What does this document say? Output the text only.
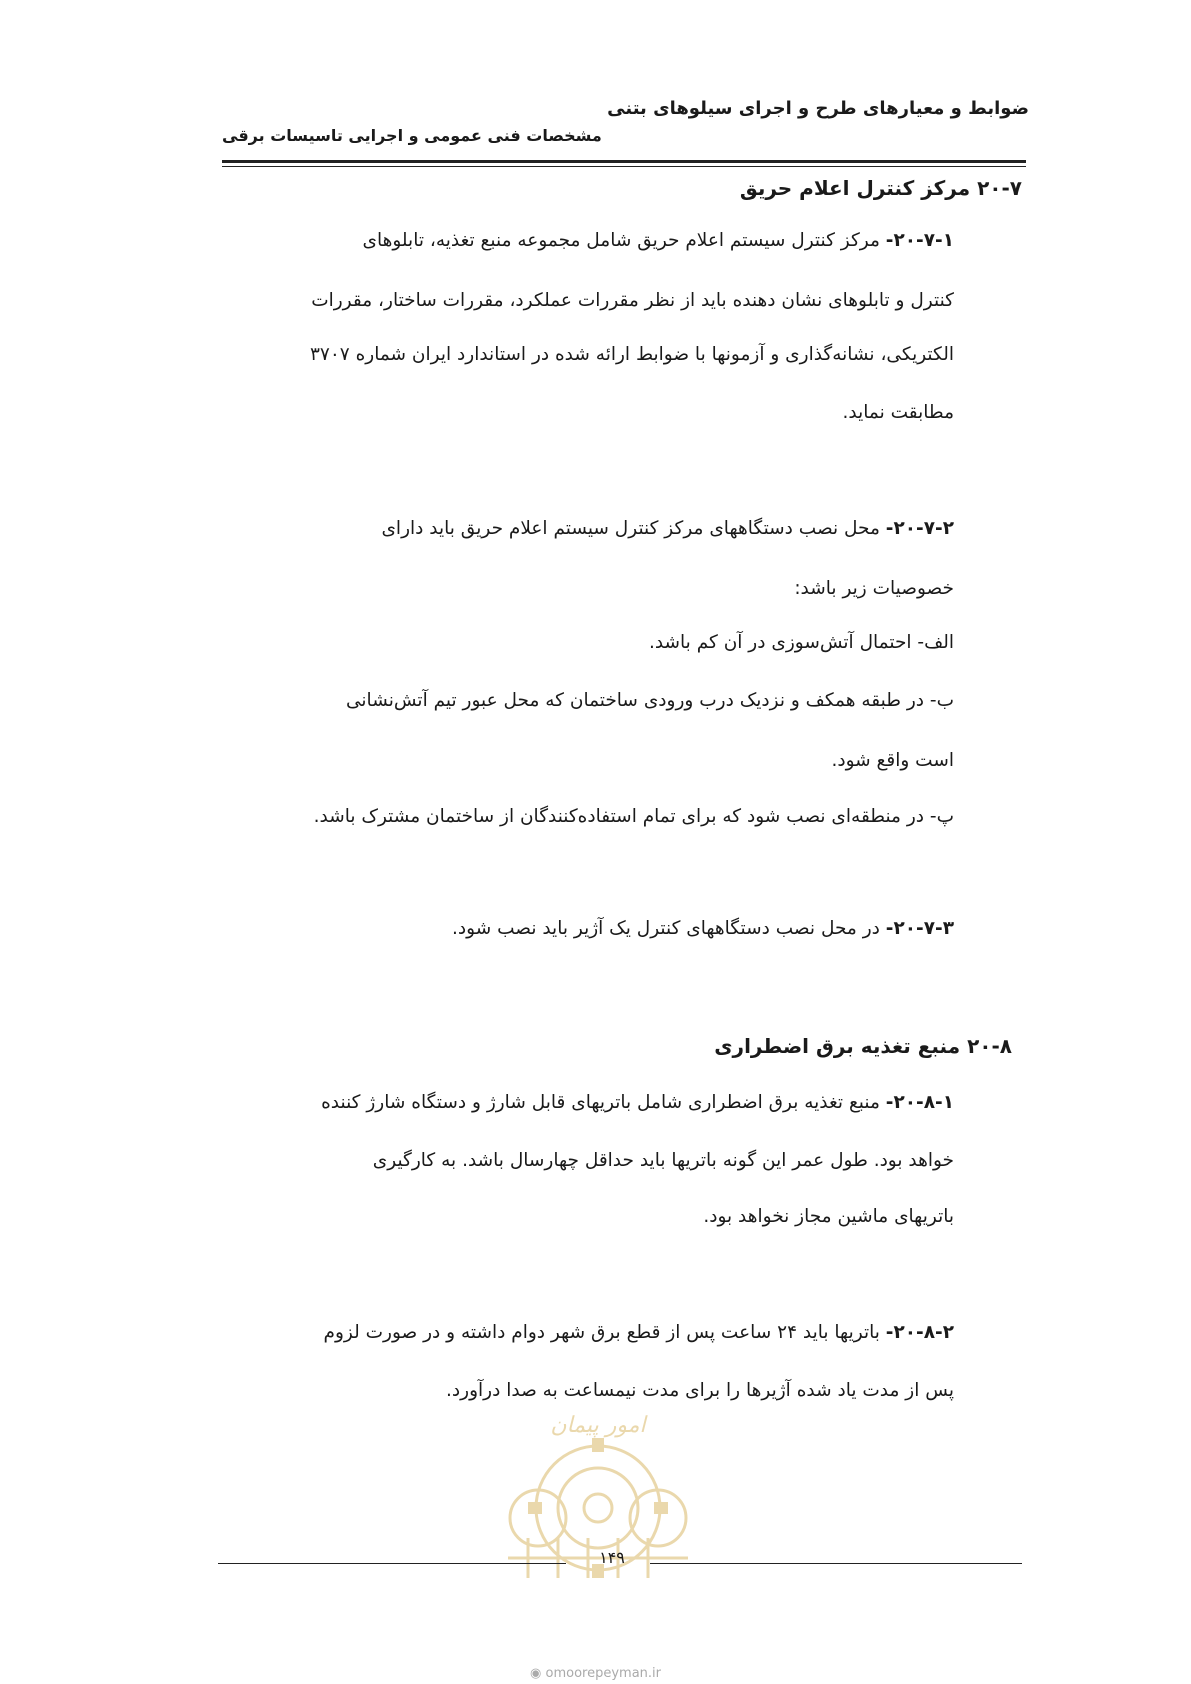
ضوابط و معیارهای طرح و اجرای سیلوهای بتنی
مشخصات فنی عمومی و اجرایی تاسیسات برقی
۲۰-۷ مرکز کنترل اعلام حریق
۲۰-۷-۱- مرکز کنترل سیستم اعلام حریق شامل مجموعه منبع تغذیه، تابلوهای
کنترل و تابلوهای نشان دهنده باید از نظر مقررات عملکرد، مقررات ساختار، مقررات
الکتریکی، نشانه‌گذاری و آزمونها با ضوابط ارائه شده در استاندارد ایران شماره ۳۷۰۷
مطابقت نماید.
۲۰-۷-۲- محل نصب دستگاههای مرکز کنترل سیستم اعلام حریق باید دارای
خصوصیات زیر باشد:
الف- احتمال آتش‌سوزی در آن کم باشد.
ب- در طبقه همکف و نزدیک درب ورودی ساختمان که محل عبور تیم آتش‌نشانی
است واقع شود.
پ- در منطقه‌ای نصب شود که برای تمام استفاده‌کنندگان از ساختمان مشترک باشد.
۲۰-۷-۳- در محل نصب دستگاههای کنترل یک آژیر باید نصب شود.
۲۰-۸ منبع تغذیه برق اضطراری
۲۰-۸-۱- منبع تغذیه برق اضطراری شامل باتریهای قابل شارژ و دستگاه شارژ کننده
خواهد بود. طول عمر این گونه باتریها باید حداقل چهارسال باشد. به کارگیری
باتریهای ماشین مجاز نخواهد بود.
۲۰-۸-۲- باتریها باید ۲۴ ساعت پس از قطع برق شهر دوام داشته و در صورت لزوم
پس از مدت یاد شده آژیرها را برای مدت نیمساعت به صدا درآورد.
امور پیمان
۱۴۹
◉ omoorepeyman.ir
